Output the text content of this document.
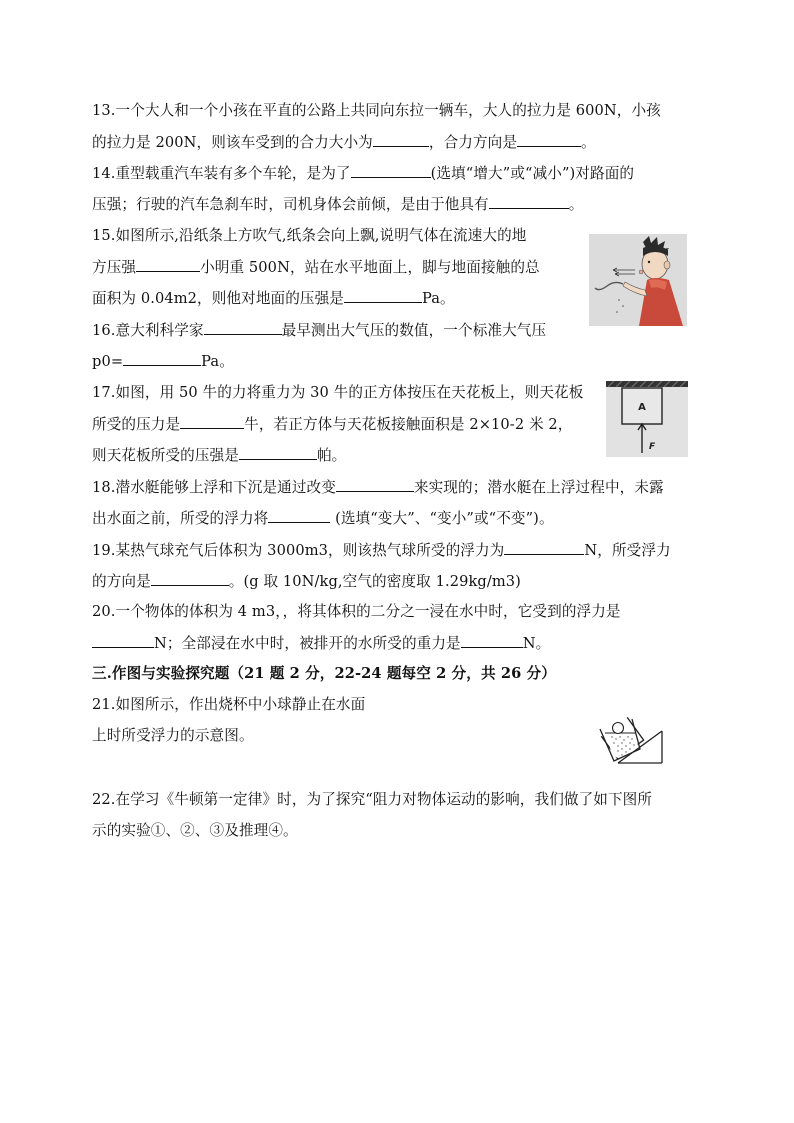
13.一个大人和一个小孩在平直的公路上共同向东拉一辆车，大人的拉力是 600N，小孩
的拉力是 200N，则该车受到的合力大小为	，合力方向是	。
14.重型载重汽车装有多个车轮，是为了	(选填“增大”或“减小”)对路面的
压强；行驶的汽车急刹车时，司机身体会前倾，是由于他具有	。
15.如图所示,沿纸条上方吹气,纸条会向上飘,说明气体在流速大的地
方压强	小明重 500N，站在水平地面上，脚与地面接触的总
面积为 0.04m2，则他对地面的压强是	Pa。
16.意大利科学家	最早测出大气压的数值，一个标准大气压
p0=	Pa。
17.如图，用 50 牛的力将重力为 30 牛的正方体按压在天花板上，则天花板
所受的压力是	牛，若正方体与天花板接触面积是 2×10-2 米 2，
则天花板所受的压强是	帕。
A
F
18.潜水艇能够上浮和下沉是通过改变	来实现的；潜水艇在上浮过程中，未露
出水面之前，所受的浮力将	(选填“变大”、“变小”或“不变”)。
19.某热气球充气后体积为 3000m3，则该热气球所受的浮力为	N，所受浮力
的方向是	。(g 取 10N/kg,空气的密度取 1.29kg/m3)
20.一个物体的体积为 4 m3，，将其体积的二分之一浸在水中时，它受到的浮力是
N；全部浸在水中时，被排开的水所受的重力是	N。
三.作图与实验探究题（21 题 2 分，22-24 题每空 2 分，共 26 分）
21.如图所示，作出烧杯中小球静止在水面
上时所受浮力的示意图。
22.在学习《牛顿第一定律》时，为了探究“阻力对物体运动的影响，我们做了如下图所
示的实验①、②、③及推理④。
